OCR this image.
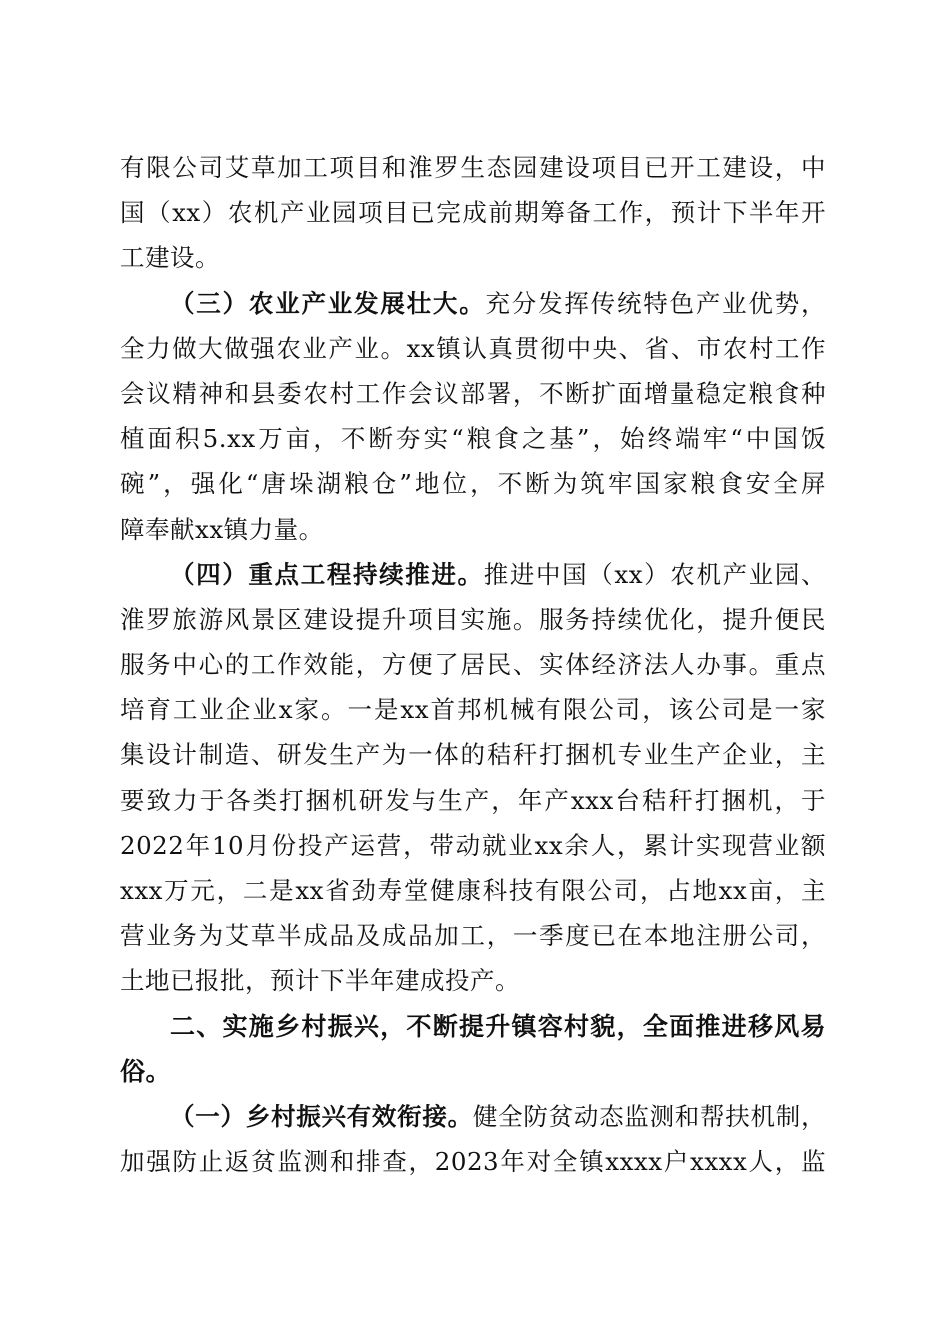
有限公司艾草加工项目和淮罗生态园建设项目已开工建设，中
国（xx）农机产业园项目已完成前期筹备工作，预计下半年开
工建设。
（三）农业产业发展壮大。充分发挥传统特色产业优势，
全力做大做强农业产业。xx镇认真贯彻中央、省、市农村工作
会议精神和县委农村工作会议部署，不断扩面增量稳定粮食种
植面积5.xx万亩，不断夯实“粮食之基”，始终端牢“中国饭
碗”，强化“唐垛湖粮仓”地位，不断为筑牢国家粮食安全屏
障奉献xx镇力量。
（四）重点工程持续推进。推进中国（xx）农机产业园、
淮罗旅游风景区建设提升项目实施。服务持续优化，提升便民
服务中心的工作效能，方便了居民、实体经济法人办事。重点
培育工业企业x家。一是xx首邦机械有限公司，该公司是一家
集设计制造、研发生产为一体的秸秆打捆机专业生产企业，主
要致力于各类打捆机研发与生产，年产xxx台秸秆打捆机，于
2022年10月份投产运营，带动就业xx余人，累计实现营业额
xxx万元，二是xx省劲寿堂健康科技有限公司，占地xx亩，主
营业务为艾草半成品及成品加工，一季度已在本地注册公司，
土地已报批，预计下半年建成投产。
二、实施乡村振兴，不断提升镇容村貌，全面推进移风易
俗。
（一）乡村振兴有效衔接。健全防贫动态监测和帮扶机制，
加强防止返贫监测和排查，2023年对全镇xxxx户xxxx人，监
